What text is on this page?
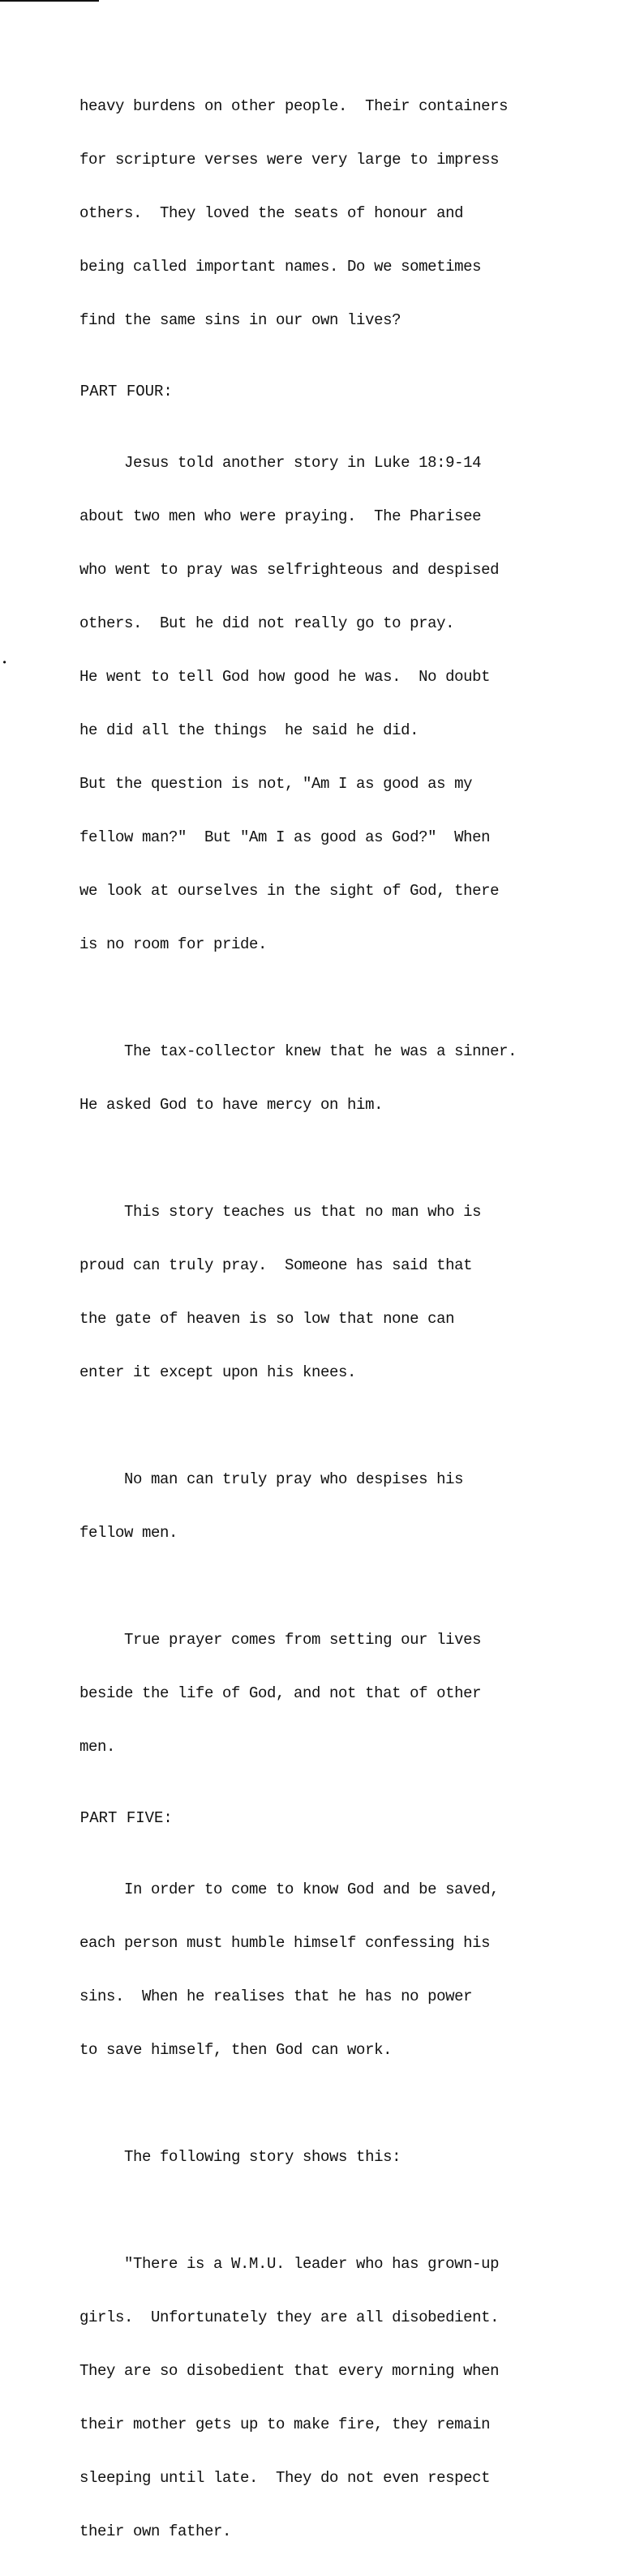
•

heavy burdens on other people.  Their containers

for scripture verses were very large to impress

others.  They loved the seats of honour and

being called important names. Do we sometimes

find the same sins in our own lives?

PART FOUR:

Jesus told another story in Luke 18:9-14

about two men who were praying.  The Pharisee

who went to pray was selfrighteous and despised

others.  But he did not really go to pray.

He went to tell God how good he was.  No doubt

he did all the things  he said he did.

But the question is not, "Am I as good as my

fellow man?"  But "Am I as good as God?"  When

we look at ourselves in the sight of God, there

is no room for pride.

The tax-collector knew that he was a sinner.

He asked God to have mercy on him.

This story teaches us that no man who is

proud can truly pray.  Someone has said that

the gate of heaven is so low that none can

enter it except upon his knees.

No man can truly pray who despises his

fellow men.

True prayer comes from setting our lives

beside the life of God, and not that of other

men.

PART FIVE:

In order to come to know God and be saved,

each person must humble himself confessing his

sins.  When he realises that he has no power

to save himself, then God can work.

The following story shows this:

"There is a W.M.U. leader who has grown-up

girls.  Unfortunately they are all disobedient.

They are so disobedient that every morning when

their mother gets up to make fire, they remain

sleeping until late.  They do not even respect

their own father.
